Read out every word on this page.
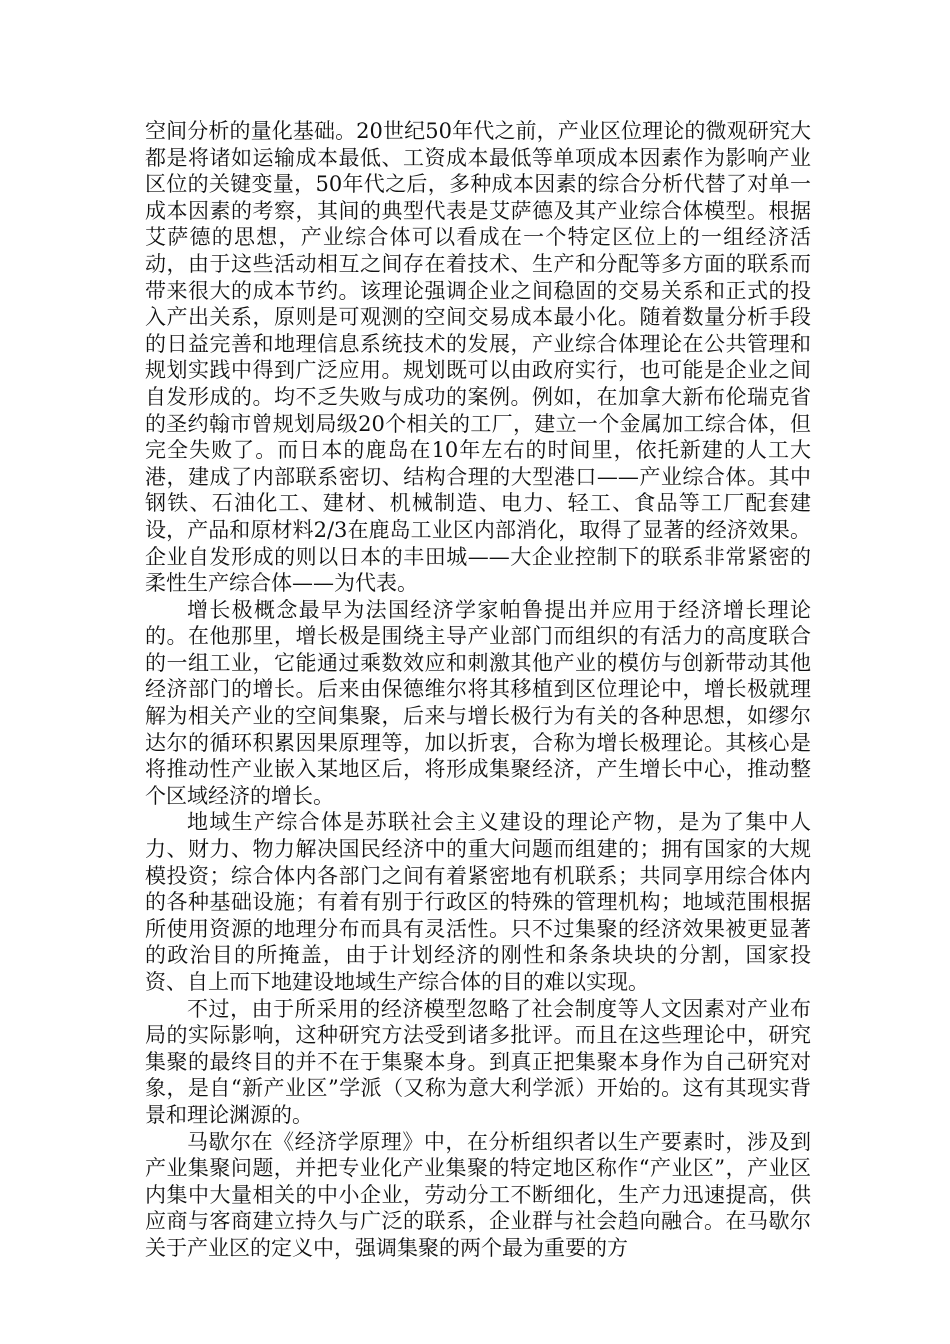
空间分析的量化基础。20世纪50年代之前，产业区位理论的微观研究大都是将诸如运输成本最低、工资成本最低等单项成本因素作为影响产业区位的关键变量，50年代之后，多种成本因素的综合分析代替了对单一成本因素的考察，其间的典型代表是艾萨德及其产业综合体模型。根据艾萨德的思想，产业综合体可以看成在一个特定区位上的一组经济活动，由于这些活动相互之间存在着技术、生产和分配等多方面的联系而带来很大的成本节约。该理论强调企业之间稳固的交易关系和正式的投入产出关系，原则是可观测的空间交易成本最小化。随着数量分析手段的日益完善和地理信息系统技术的发展，产业综合体理论在公共管理和规划实践中得到广泛应用。规划既可以由政府实行，也可能是企业之间自发形成的。均不乏失败与成功的案例。例如，在加拿大新布伦瑞克省的圣约翰市曾规划局级20个相关的工厂，建立一个金属加工综合体，但完全失败了。而日本的鹿岛在10年左右的时间里，依托新建的人工大港，建成了内部联系密切、结构合理的大型港口——产业综合体。其中钢铁、石油化工、建材、机械制造、电力、轻工、食品等工厂配套建设，产品和原材料2/3在鹿岛工业区内部消化，取得了显著的经济效果。企业自发形成的则以日本的丰田城——大企业控制下的联系非常紧密的柔性生产综合体——为代表。

增长极概念最早为法国经济学家帕鲁提出并应用于经济增长理论的。在他那里，增长极是围绕主导产业部门而组织的有活力的高度联合的一组工业，它能通过乘数效应和刺激其他产业的模仿与创新带动其他经济部门的增长。后来由保德维尔将其移植到区位理论中，增长极就理解为相关产业的空间集聚，后来与增长极行为有关的各种思想，如缪尔达尔的循环积累因果原理等，加以折衷，合称为增长极理论。其核心是将推动性产业嵌入某地区后，将形成集聚经济，产生增长中心，推动整个区域经济的增长。

地域生产综合体是苏联社会主义建设的理论产物，是为了集中人力、财力、物力解决国民经济中的重大问题而组建的；拥有国家的大规模投资；综合体内各部门之间有着紧密地有机联系；共同享用综合体内的各种基础设施；有着有别于行政区的特殊的管理机构；地域范围根据所使用资源的地理分布而具有灵活性。只不过集聚的经济效果被更显著的政治目的所掩盖，由于计划经济的刚性和条条块块的分割，国家投资、自上而下地建设地域生产综合体的目的难以实现。

不过，由于所采用的经济模型忽略了社会制度等人文因素对产业布局的实际影响，这种研究方法受到诸多批评。而且在这些理论中，研究集聚的最终目的并不在于集聚本身。到真正把集聚本身作为自己研究对象，是自“新产业区”学派（又称为意大利学派）开始的。这有其现实背景和理论渊源的。

马歇尔在《经济学原理》中，在分析组织者以生产要素时，涉及到产业集聚问题，并把专业化产业集聚的特定地区称作“产业区”，产业区内集中大量相关的中小企业，劳动分工不断细化，生产力迅速提高，供应商与客商建立持久与广泛的联系，企业群与社会趋向融合。在马歇尔关于产业区的定义中，强调集聚的两个最为重要的方
